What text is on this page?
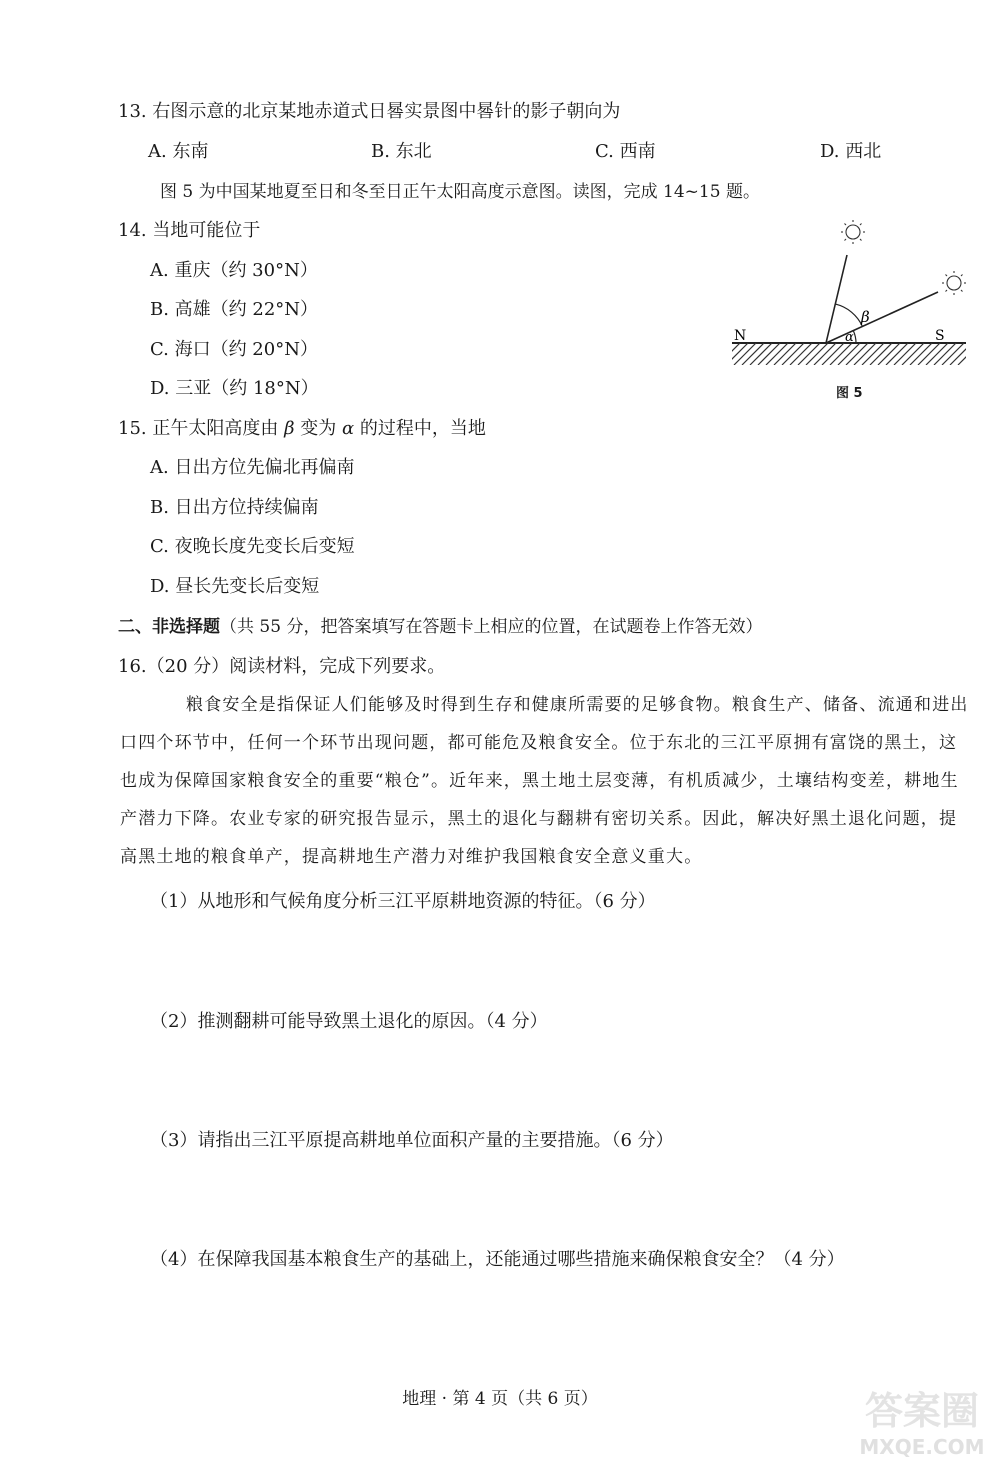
13. 右图示意的北京某地赤道式日晷实景图中晷针的影子朝向为
A. 东南	B. 东北	C. 西南	D. 西北
图 5 为中国某地夏至日和冬至日正午太阳高度示意图。读图，完成 14~15 题。
14. 当地可能位于
A. 重庆（约 30°N）
B. 高雄（约 22°N）
C. 海口（约 20°N）
D. 三亚（约 18°N）
N	S
α
β
图 5
15. 正午太阳高度由 β 变为 α 的过程中，当地
A. 日出方位先偏北再偏南
B. 日出方位持续偏南
C. 夜晚长度先变长后变短
D. 昼长先变长后变短
二、非选择题（共 55 分，把答案填写在答题卡上相应的位置，在试题卷上作答无效）
16.（20 分）阅读材料，完成下列要求。
粮食安全是指保证人们能够及时得到生存和健康所需要的足够食物。粮食生产、储备、流通和进出口四个环节中，任何一个环节出现问题，都可能危及粮食安全。位于东北的三江平原拥有富饶的黑土，这也成为保障国家粮食安全的重要“粮仓”。近年来，黑土地土层变薄，有机质减少，土壤结构变差，耕地生产潜力下降。农业专家的研究报告显示，黑土的退化与翻耕有密切关系。因此，解决好黑土退化问题，提高黑土地的粮食单产，提高耕地生产潜力对维护我国粮食安全意义重大。
（1）从地形和气候角度分析三江平原耕地资源的特征。（6 分）
（2）推测翻耕可能导致黑土退化的原因。（4 分）
（3）请指出三江平原提高耕地单位面积产量的主要措施。（6 分）
（4）在保障我国基本粮食生产的基础上，还能通过哪些措施来确保粮食安全？（4 分）
地理 · 第 4 页（共 6 页）	答案圈
MXQE.COM
